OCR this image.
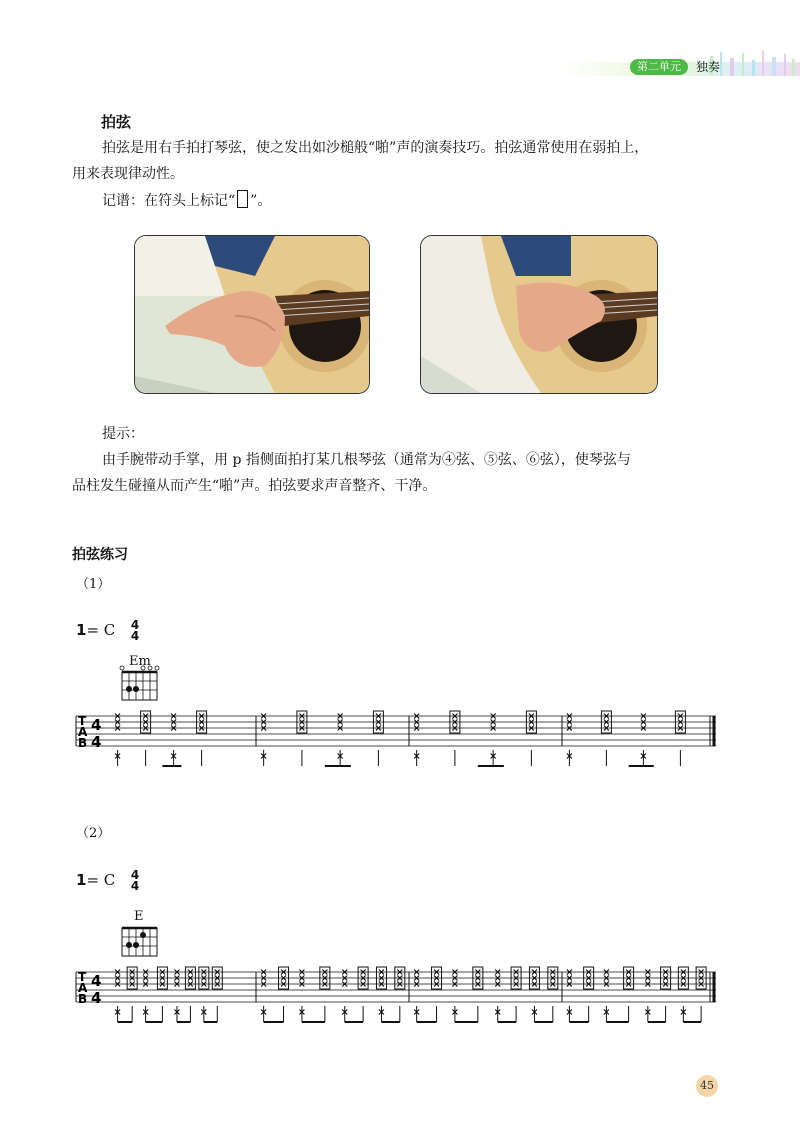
第二单元	独奏
拍弦
拍弦是用右手拍打琴弦，使之发出如沙槌般“啪”声的演奏技巧。拍弦通常使用在弱拍上，
用来表现律动性。
记谱：在符头上标记“ ”。
提示：
由手腕带动手掌，用 p 指侧面拍打某几根琴弦（通常为④弦、⑤弦、⑥弦），使琴弦与
品柱发生碰撞从而产生“啪”声。拍弦要求声音整齐、干净。
拍弦练习
（1）
1= C 4
4
Em
T
A
B
4
4
（2）
1= C 4
4
E
T
A
B
4
4
45
